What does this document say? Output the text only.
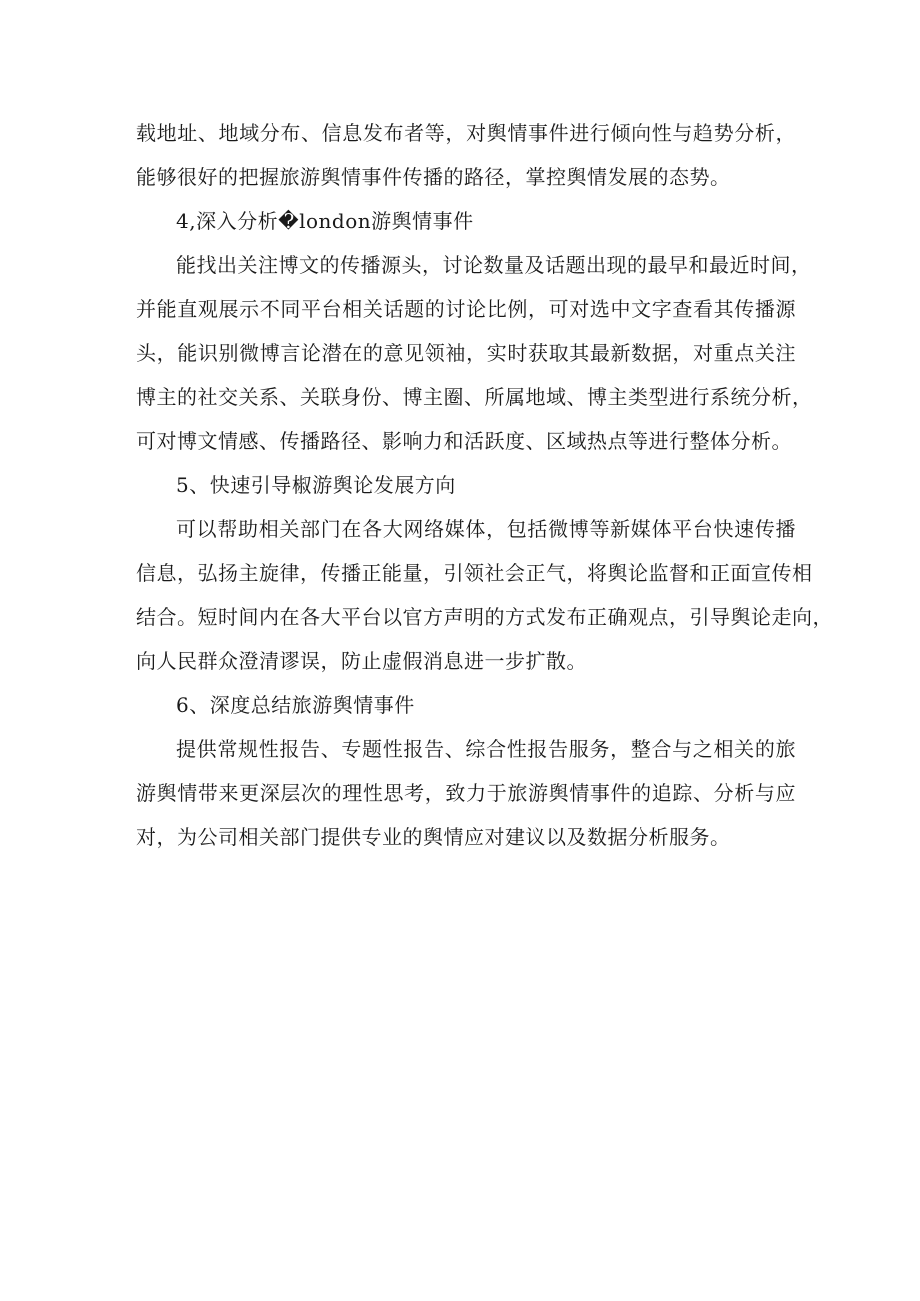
载地址、地域分布、信息发布者等，对舆情事件进行倾向性与趋势分析，
能够很好的把握旅游舆情事件传播的路径，掌控舆情发展的态势。
4,深入分析�london游舆情事件
能找出关注博文的传播源头，讨论数量及话题出现的最早和最近时间，
并能直观展示不同平台相关话题的讨论比例，可对选中文字查看其传播源
头，能识别微博言论潜在的意见领袖，实时获取其最新数据，对重点关注
博主的社交关系、关联身份、博主圈、所属地域、博主类型进行系统分析，
可对博文情感、传播路径、影响力和活跃度、区域热点等进行整体分析。
5、快速引导椒游舆论发展方向
可以帮助相关部门在各大网络媒体，包括微博等新媒体平台快速传播
信息，弘扬主旋律，传播正能量，引领社会正气，将舆论监督和正面宣传相
结合。短时间内在各大平台以官方声明的方式发布正确观点，引导舆论走向，
向人民群众澄清谬误，防止虚假消息进一步扩散。
6、深度总结旅游舆情事件
提供常规性报告、专题性报告、综合性报告服务，整合与之相关的旅
游舆情带来更深层次的理性思考，致力于旅游舆情事件的追踪、分析与应
对，为公司相关部门提供专业的舆情应对建议以及数据分析服务。
